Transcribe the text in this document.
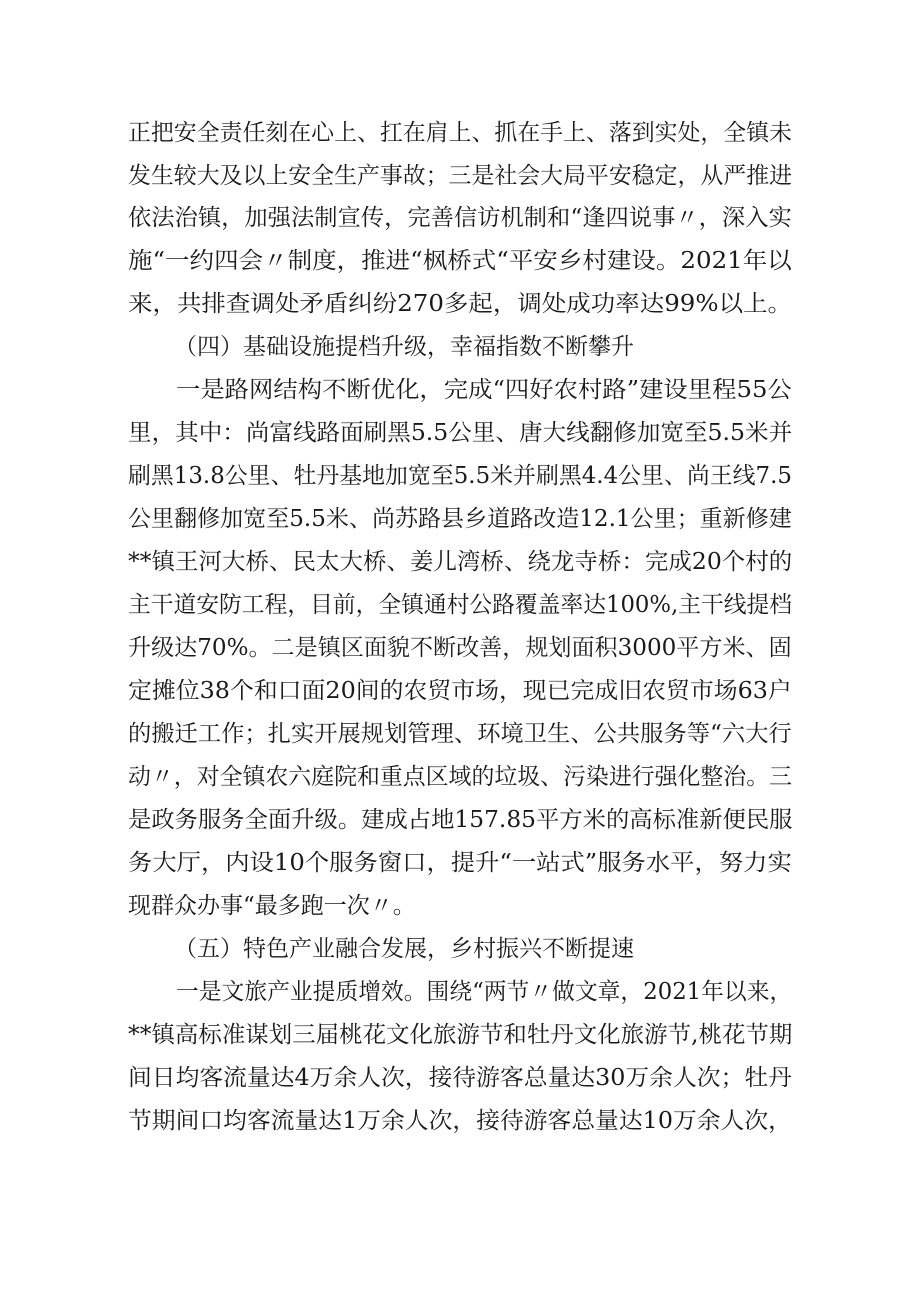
正把安全责任刻在心上、扛在肩上、抓在手上、落到实处，全镇未
发生较大及以上安全生产事故；三是社会大局平安稳定，从严推进
依法治镇，加强法制宣传，完善信访机制和“逢四说事〃，深入实
施“一约四会〃制度，推进“枫桥式“平安乡村建设。2021年以
来，共排查调处矛盾纠纷270多起，调处成功率达99%以上。
（四）基础设施提档升级，幸福指数不断攀升
一是路网结构不断优化，完成“四好农村路”建设里程55公
里，其中：尚富线路面刷黑5.5公里、唐大线翻修加宽至5.5米并
刷黑13.8公里、牡丹基地加宽至5.5米并刷黑4.4公里、尚王线7.5
公里翻修加宽至5.5米、尚苏路县乡道路改造12.1公里；重新修建
**镇王河大桥、民太大桥、姜儿湾桥、绕龙寺桥：完成20个村的
主干道安防工程，目前，全镇通村公路覆盖率达100%,主干线提档
升级达70%。二是镇区面貌不断改善，规划面积3000平方米、固
定摊位38个和口面20间的农贸市场，现已完成旧农贸市场63户
的搬迁工作；扎实开展规划管理、环境卫生、公共服务等“六大行
动〃，对全镇农六庭院和重点区域的垃圾、污染进行强化整治。三
是政务服务全面升级。建成占地157.85平方米的高标准新便民服
务大厅，内设10个服务窗口，提升“一站式”服务水平，努力实
现群众办事“最多跑一次〃。
（五）特色产业融合发展，乡村振兴不断提速
一是文旅产业提质增效。围绕“两节〃做文章，2021年以来，
**镇高标准谋划三届桃花文化旅游节和牡丹文化旅游节,桃花节期
间日均客流量达4万余人次，接待游客总量达30万余人次；牡丹
节期间口均客流量达1万余人次，接待游客总量达10万余人次，
